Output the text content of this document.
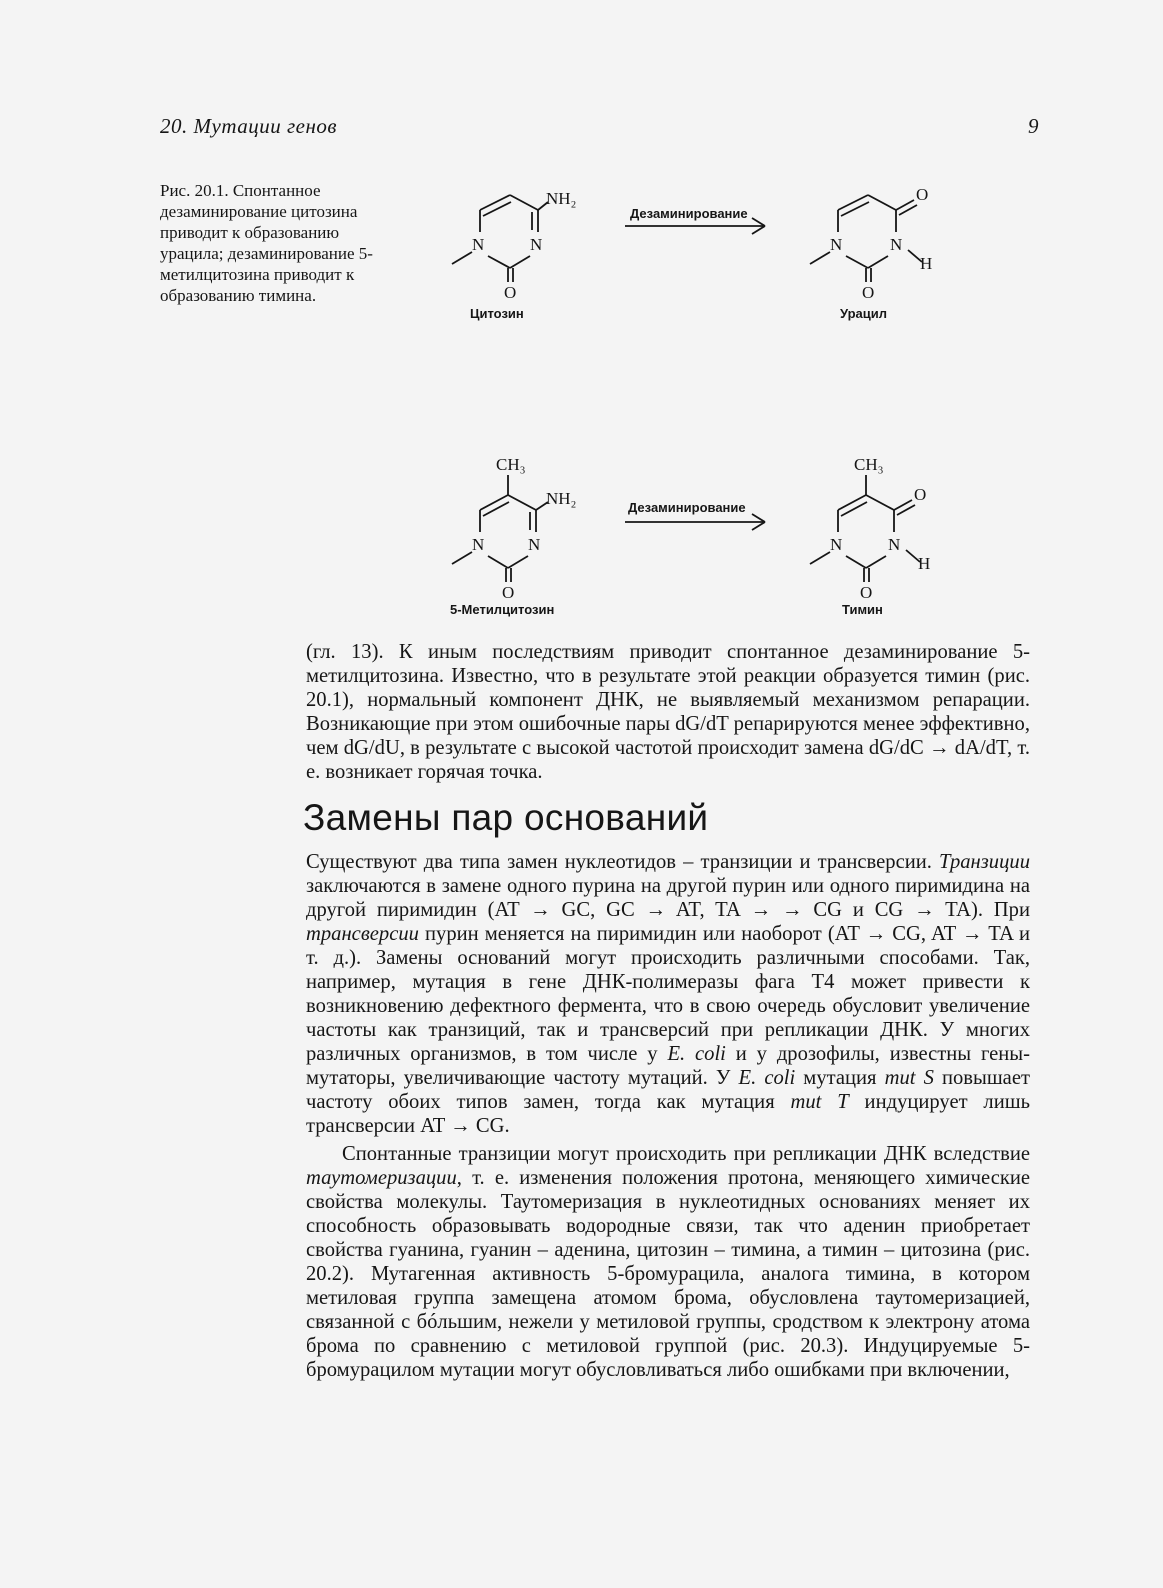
20. Мутации генов	9
Рис. 20.1. Спонтанное дезаминирование цитозина приводит к образованию урацила; дезаминирование 5-метилцитозина приводит к образованию тимина.
N	N
NH₂
O
N	N
O
O
H
CH₃
N	N
NH₂
O
CH₃
N	N
O
O
H
Дезаминирование
Цитозин	Урацил
Дезаминирование
5-Метилцитозин	Тимин

(гл. 13). К иным последствиям приводит спонтанное дезаминирование 5-метилцитозина. Известно, что в результате этой реакции образуется тимин (рис. 20.1), нормальный компонент ДНК, не выявляемый механизмом репарации. Возникающие при этом ошибочные пары dG/dT репарируются менее эффективно, чем dG/dU, в результате с высокой частотой происходит замена dG/dC → dA/dT, т. е. возникает горячая точка.

Замены пар оснований

Существуют два типа замен нуклеотидов – транзиции и трансверсии. Транзиции заключаются в замене одного пурина на другой пурин или одного пиримидина на другой пиримидин (AT → GC, GC → AT, TA → → CG и CG → TA). При трансверсии пурин меняется на пиримидин или наоборот (AT → CG, AT → TA и т. д.). Замены оснований могут происходить различными способами. Так, например, мутация в гене ДНК-полимеразы фага T4 может привести к возникновению дефектного фермента, что в свою очередь обусловит увеличение частоты как транзиций, так и трансверсий при репликации ДНК. У многих различных организмов, в том числе у E. coli и у дрозофилы, известны гены-мутаторы, увеличивающие частоту мутаций. У E. coli мутация mut S повышает частоту обоих типов замен, тогда как мутация mut T индуцирует лишь трансверсии AT → CG.

Спонтанные транзиции могут происходить при репликации ДНК вследствие таутомеризации, т. е. изменения положения протона, меняющего химические свойства молекулы. Таутомеризация в нуклеотидных основаниях меняет их способность образовывать водородные связи, так что аденин приобретает свойства гуанина, гуанин – аденина, цитозин – тимина, а тимин – цитозина (рис. 20.2). Мутагенная активность 5-бромурацила, аналога тимина, в котором метиловая группа замещена атомом брома, обусловлена таутомеризацией, связанной с бóльшим, нежели у метиловой группы, сродством к электрону атома брома по сравнению с метиловой группой (рис. 20.3). Индуцируемые 5-бромурацилом мутации могут обусловливаться либо ошибками при включении,
